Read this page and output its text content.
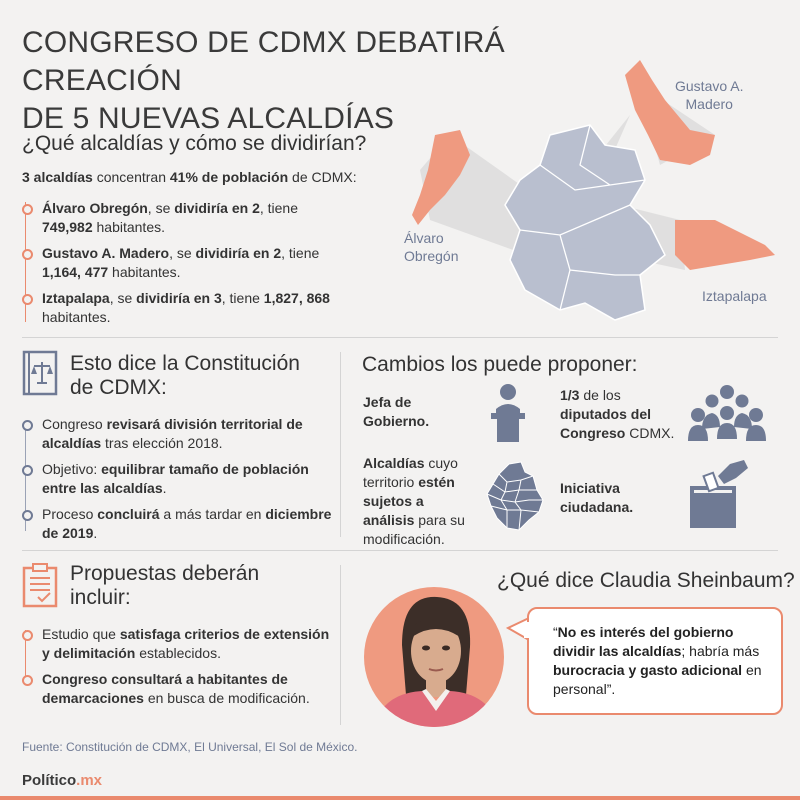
CONGRESO DE CDMX DEBATIRÁ CREACIÓN
DE 5 NUEVAS ALCALDÍAS
¿Qué alcaldías y cómo se dividirían?
3 alcaldías concentran 41% de población de CDMX:
Álvaro Obregón, se dividiría en 2, tiene 749,982 habitantes.
Gustavo A. Madero, se dividiría en 2, tiene 1,164, 477 habitantes.
Iztapalapa, se dividiría en 3, tiene 1,827, 868 habitantes.
Gustavo A.
Madero
Álvaro
Obregón
Iztapalapa
Esto dice la Constitución
de CDMX:
Congreso revisará división territorial de alcaldías tras elección 2018.
Objetivo: equilibrar tamaño de población entre las alcaldías.
Proceso concluirá a más tardar en diciembre de 2019.
Cambios los puede proponer:
Jefa de Gobierno.
1/3 de los diputados del Congreso CDMX.
Alcaldías cuyo territorio estén sujetos a análisis para su modificación.
Iniciativa ciudadana.
Propuestas deberán
incluir:
Estudio que satisfaga criterios de extensión y delimitación establecidos.
Congreso consultará a habitantes de demarcaciones en busca de modificación.
¿Qué dice Claudia Sheinbaum?
“No es interés del gobierno dividir las alcaldías; habría más burocracia y gasto adicional en personal”.
Fuente: Constitución de CDMX, El Universal, El Sol de México.
Político.mx
